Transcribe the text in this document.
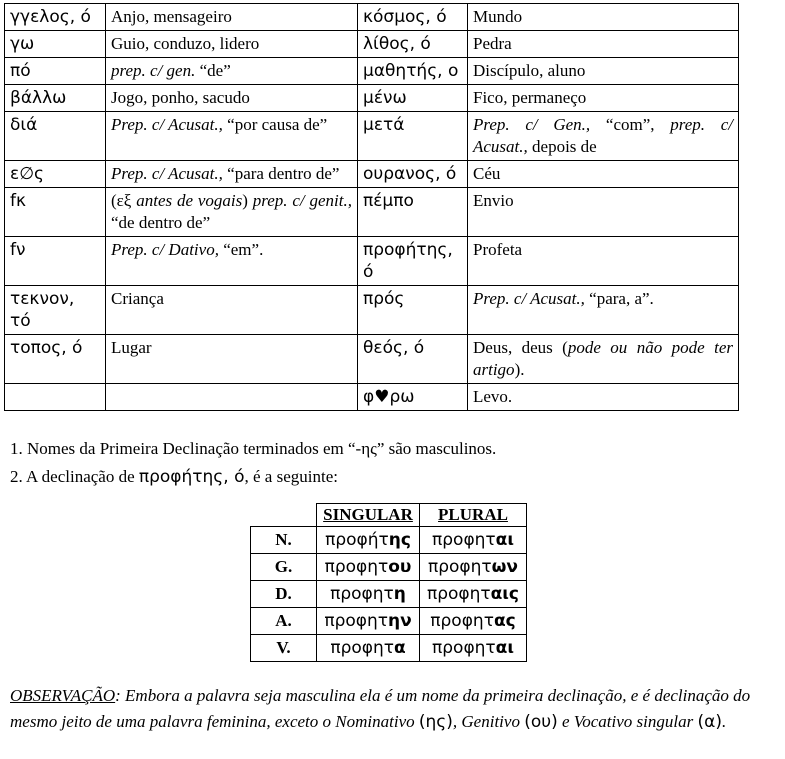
γγελος, ό	Anjo, mensageiro	κόσμος, ό	Mundo
γω	Guio, conduzo, lidero	λίθος, ό	Pedra
πό	prep. c/ gen. “de”	μαθητής, ο	Discípulo, aluno
βάλλω	Jogo, ponho, sacudo	μένω	Fico, permaneço
διά	Prep. c/ Acusat., “por causa de”	μετά	Prep. c/ Gen., “com”, prep. c/ Acusat., depois de
ε∅ς	Prep. c/ Acusat., “para dentro de”	ουρανος, ό	Céu
fκ	(εξ antes de vogais) prep. c/ genit., “de dentro de”	πέμπο	Envio
fν	Prep. c/ Dativo, “em”.	προφήτης, ό	Profeta
τεκνον, τό	Criança	πρός	Prep. c/ Acusat., “para, a”.
τοπος, ό	Lugar	θεός, ό	Deus, deus (pode ou não pode ter artigo).
		φ♥ρω	Levo.
1. Nomes da Primeira Declinação terminados em “-ης” são masculinos.
2. A declinação de προφήτης, ό, é a seguinte:
	SINGULAR	PLURAL
N.	προφήτης	προφηται
G.	προφητου	προφητων
D.	προφητη	προφηταις
A.	προφητην	προφητας
V.	προφητα	προφηται
OBSERVAÇÃO: Embora a palavra seja masculina ela é um nome da primeira declinação, e é declinação do mesmo jeito de uma palavra feminina, exceto o Nominativo (ης), Genitivo (ου) e Vocativo singular (α).
